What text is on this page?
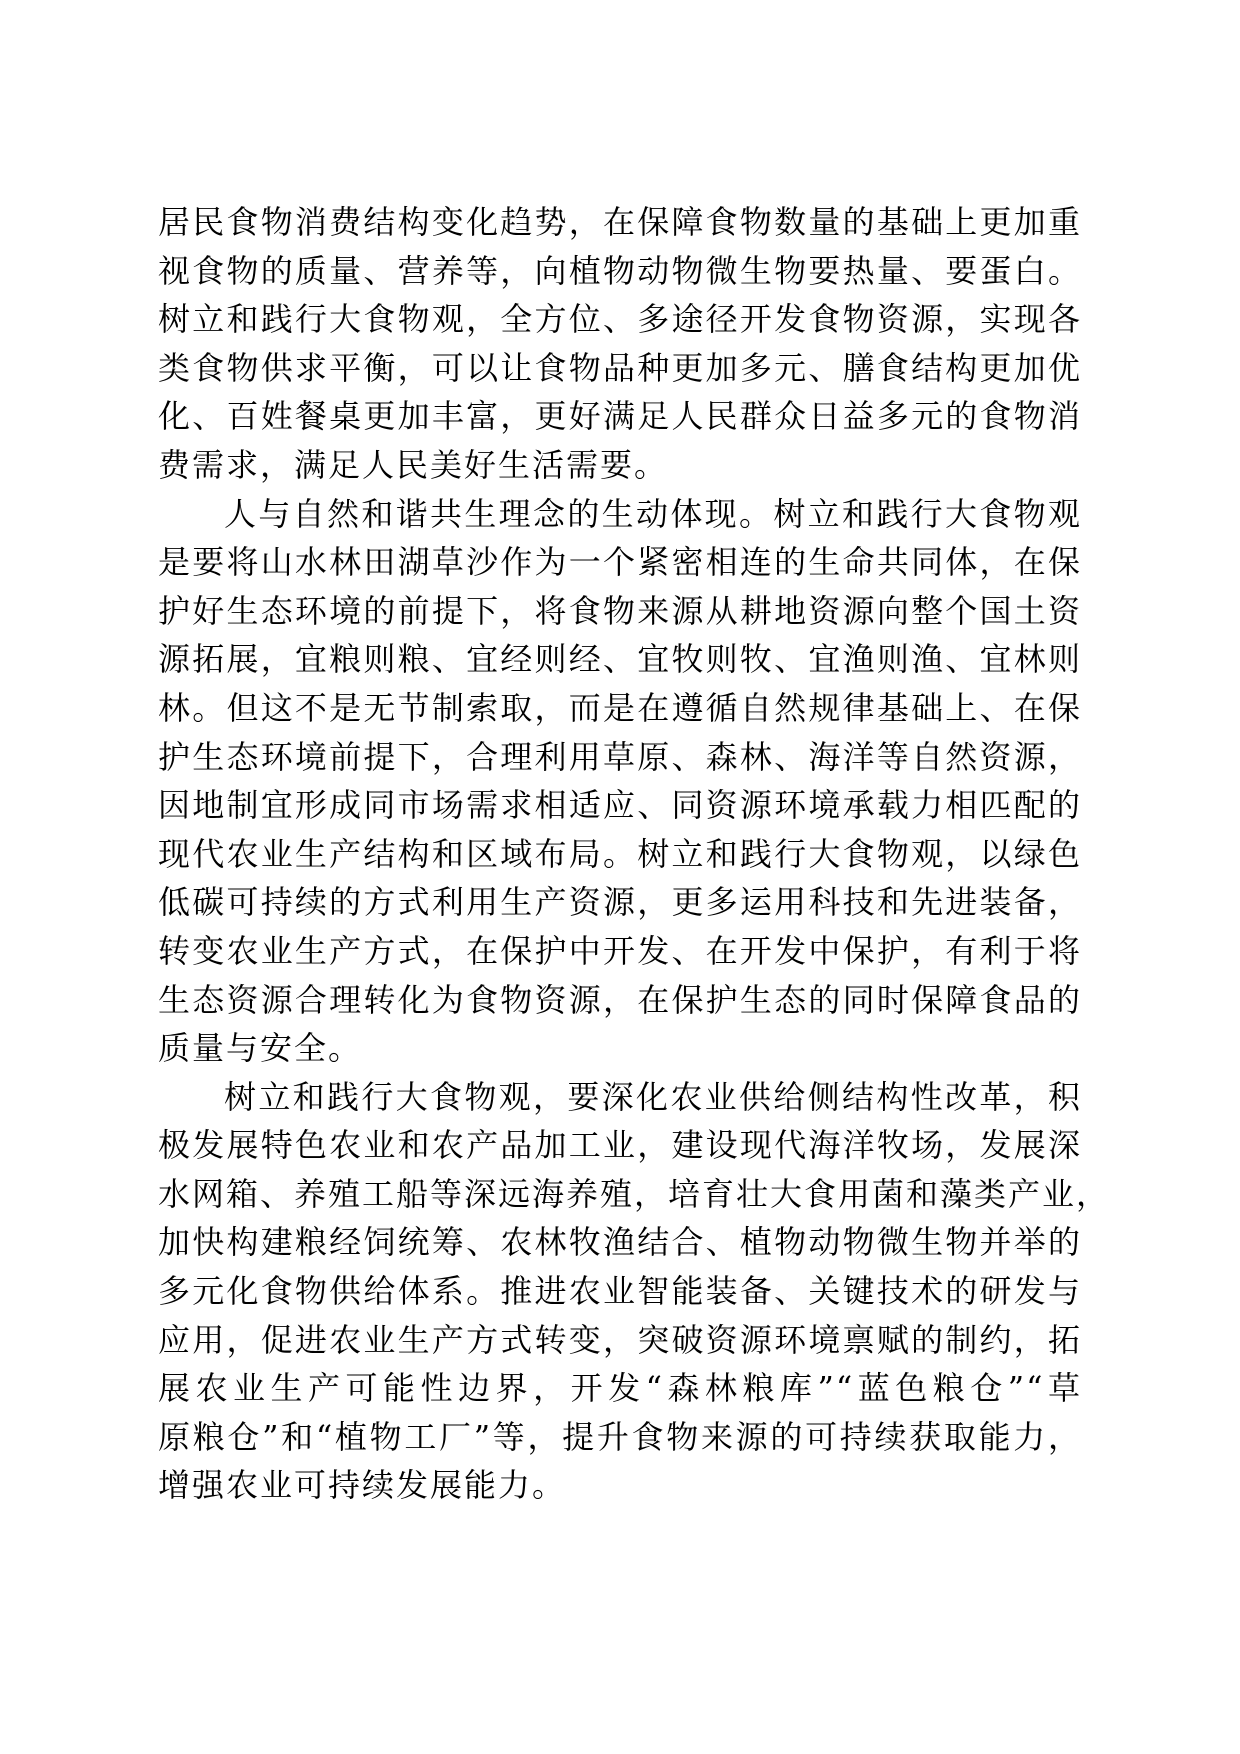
居民食物消费结构变化趋势，在保障食物数量的基础上更加重
视食物的质量、营养等，向植物动物微生物要热量、要蛋白。
树立和践行大食物观，全方位、多途径开发食物资源，实现各
类食物供求平衡，可以让食物品种更加多元、膳食结构更加优
化、百姓餐桌更加丰富，更好满足人民群众日益多元的食物消
费需求，满足人民美好生活需要。
人与自然和谐共生理念的生动体现。树立和践行大食物观
是要将山水林田湖草沙作为一个紧密相连的生命共同体，在保
护好生态环境的前提下，将食物来源从耕地资源向整个国土资
源拓展，宜粮则粮、宜经则经、宜牧则牧、宜渔则渔、宜林则
林。但这不是无节制索取，而是在遵循自然规律基础上、在保
护生态环境前提下，合理利用草原、森林、海洋等自然资源，
因地制宜形成同市场需求相适应、同资源环境承载力相匹配的
现代农业生产结构和区域布局。树立和践行大食物观，以绿色
低碳可持续的方式利用生产资源，更多运用科技和先进装备，
转变农业生产方式，在保护中开发、在开发中保护，有利于将
生态资源合理转化为食物资源，在保护生态的同时保障食品的
质量与安全。
树立和践行大食物观，要深化农业供给侧结构性改革，积
极发展特色农业和农产品加工业，建设现代海洋牧场，发展深
水网箱、养殖工船等深远海养殖，培育壮大食用菌和藻类产业，
加快构建粮经饲统筹、农林牧渔结合、植物动物微生物并举的
多元化食物供给体系。推进农业智能装备、关键技术的研发与
应用，促进农业生产方式转变，突破资源环境禀赋的制约，拓
展农业生产可能性边界，开发“森林粮库”“蓝色粮仓”“草
原粮仓”和“植物工厂”等，提升食物来源的可持续获取能力，
增强农业可持续发展能力。
